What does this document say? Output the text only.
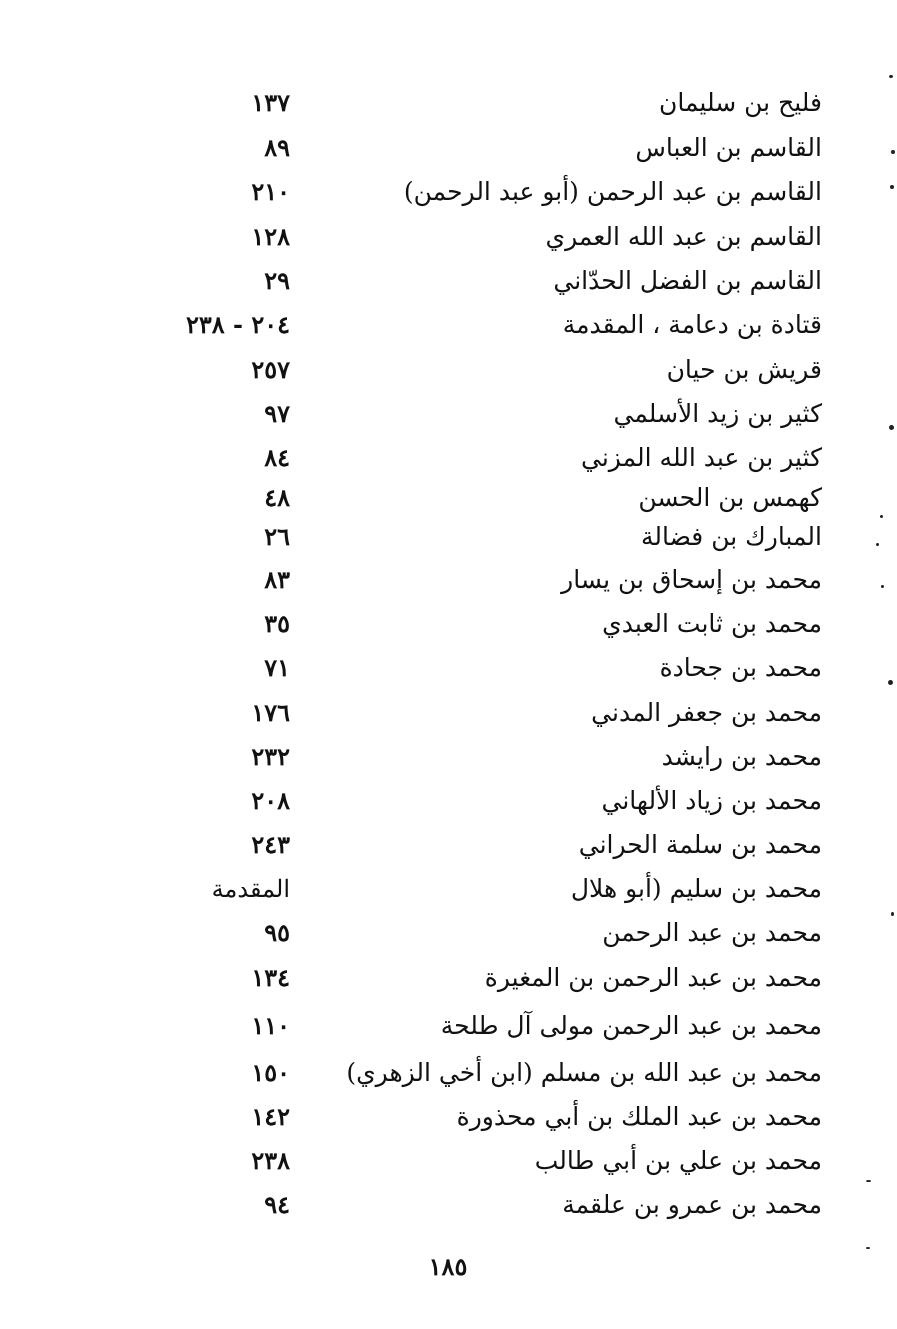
فليح بن سليمان
١٣٧
القاسم بن العباس
٨٩
القاسم بن عبد الرحمن (أبو عبد الرحمن)
٢١٠
القاسم بن عبد الله العمري
١٢٨
القاسم بن الفضل الحدّاني
٢٩
قتادة بن دعامة ، المقدمة
٢٠٤ - ٢٣٨
قريش بن حيان
٢٥٧
كثير بن زيد الأسلمي
٩٧
كثير بن عبد الله المزني
٨٤
كهمس بن الحسن
٤٨
المبارك بن فضالة
٢٦
محمد بن إسحاق بن يسار
٨٣
محمد بن ثابت العبدي
٣٥
محمد بن جحادة
٧١
محمد بن جعفر المدني
١٧٦
محمد بن رايشد
٢٣٢
محمد بن زياد الألهاني
٢٠٨
محمد بن سلمة الحراني
٢٤٣
محمد بن سليم (أبو هلال
المقدمة
محمد بن عبد الرحمن
٩٥
محمد بن عبد الرحمن بن المغيرة
١٣٤
محمد بن عبد الرحمن مولى آل طلحة
١١٠
محمد بن عبد الله بن مسلم (ابن أخي الزهري)
١٥٠
محمد بن عبد الملك بن أبي محذورة
١٤٢
محمد بن علي بن أبي طالب
٢٣٨
محمد بن عمرو بن علقمة
٩٤
١٨٥
